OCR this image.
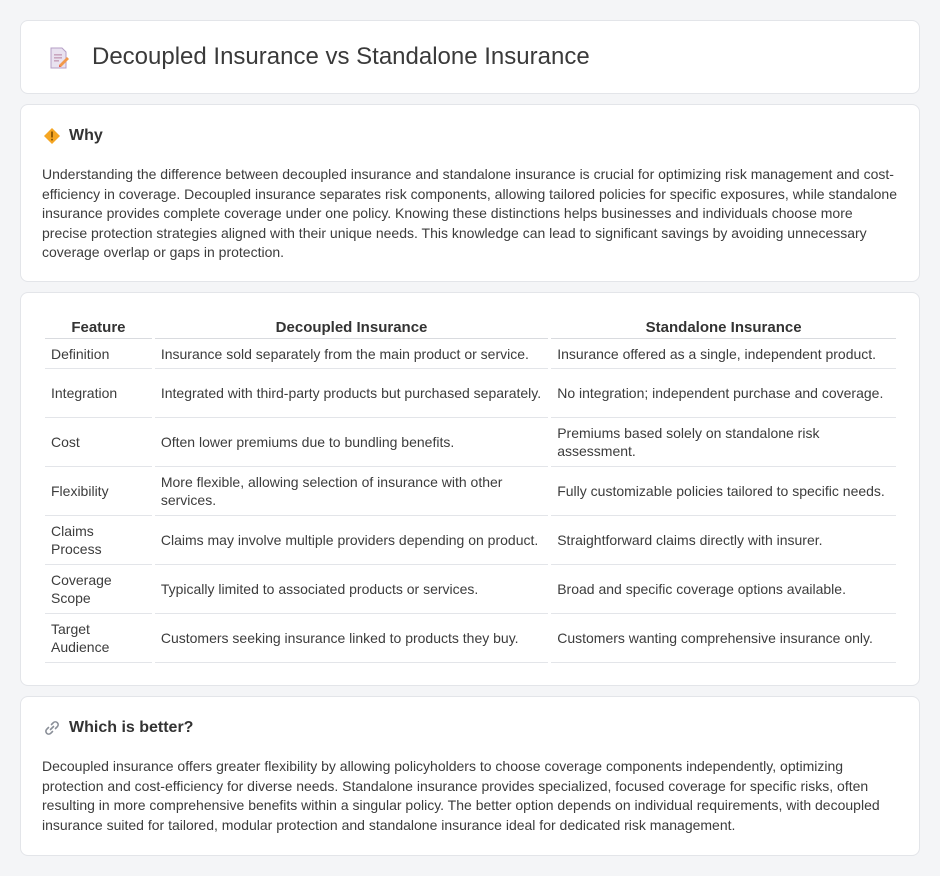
Decoupled Insurance vs Standalone Insurance
Why

Understanding the difference between decoupled insurance and standalone insurance is crucial for optimizing risk management and cost-efficiency in coverage. Decoupled insurance separates risk components, allowing tailored policies for specific exposures, while standalone insurance provides complete coverage under one policy. Knowing these distinctions helps businesses and individuals choose more precise protection strategies aligned with their unique needs. This knowledge can lead to significant savings by avoiding unnecessary coverage overlap or gaps in protection.

Feature	Decoupled Insurance	Standalone Insurance
Definition	Insurance sold separately from the main product or service.	Insurance offered as a single, independent product.
Integration	Integrated with third-party products but purchased separately.	No integration; independent purchase and coverage.
Cost	Often lower premiums due to bundling benefits.	Premiums based solely on standalone risk assessment.
Flexibility	More flexible, allowing selection of insurance with other services.	Fully customizable policies tailored to specific needs.
Claims Process	Claims may involve multiple providers depending on product.	Straightforward claims directly with insurer.
Coverage Scope	Typically limited to associated products or services.	Broad and specific coverage options available.
Target Audience	Customers seeking insurance linked to products they buy.	Customers wanting comprehensive insurance only.
Which is better?

Decoupled insurance offers greater flexibility by allowing policyholders to choose coverage components independently, optimizing protection and cost-efficiency for diverse needs. Standalone insurance provides specialized, focused coverage for specific risks, often resulting in more comprehensive benefits within a singular policy. The better option depends on individual requirements, with decoupled insurance suited for tailored, modular protection and standalone insurance ideal for dedicated risk management.
